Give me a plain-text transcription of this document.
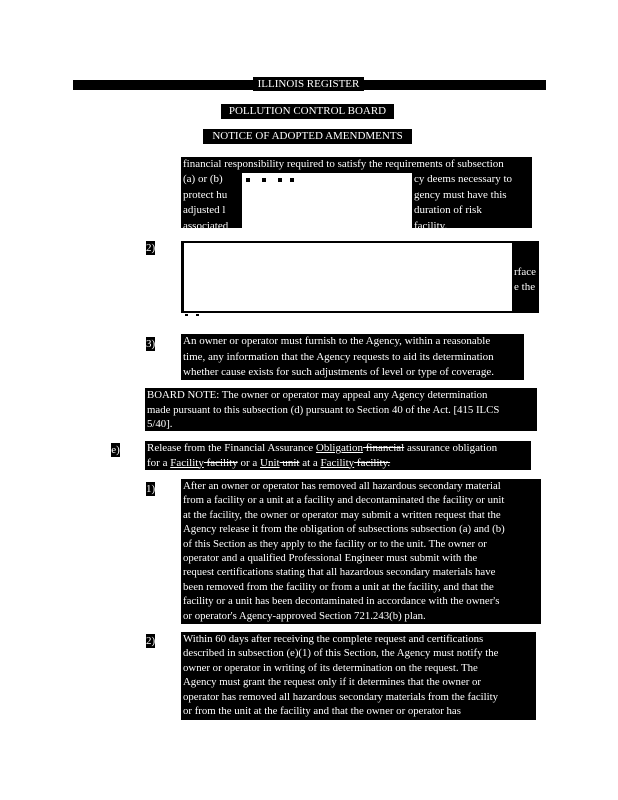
ILLINOIS REGISTER
POLLUTION CONTROL BOARD
NOTICE OF ADOPTED AMENDMENTS

financial responsibility required to satisfy the requirements of subsection

(a) or (b)
protect hu
adjusted l
associated
cy deems necessary to
gency must have this
duration of risk
facility.
2)
rface
e the
3)	An owner or operator must furnish to the Agency, within a reasonable

time, any information that the Agency requests to aid its determination

whether cause exists for such adjustments of level or type of coverage.

BOARD NOTE: The owner or operator may appeal any Agency determination

made pursuant to this subsection (d) pursuant to Section 40 of the Act. [415 ILCS

5/40].

e) Release from the Financial Assurance Obligation financial assurance obligation

for a Facility facility or a Unit unit at a Facility facility.

1)	After an owner or operator has removed all hazardous secondary material

from a facility or a unit at a facility and decontaminated the facility or unit

at the facility, the owner or operator may submit a written request that the

Agency release it from the obligation of subsections subsection (a) and (b)

of this Section as they apply to the facility or to the unit. The owner or

operator and a qualified Professional Engineer must submit with the

request certifications stating that all hazardous secondary materials have

been removed from the facility or from a unit at the facility, and that the

facility or a unit has been decontaminated in accordance with the owner's

or operator's Agency-approved Section 721.243(b) plan.

2)	Within 60 days after receiving the complete request and certifications

described in subsection (e)(1) of this Section, the Agency must notify the

owner or operator in writing of its determination on the request. The

Agency must grant the request only if it determines that the owner or

operator has removed all hazardous secondary materials from the facility

or from the unit at the facility and that the owner or operator has
